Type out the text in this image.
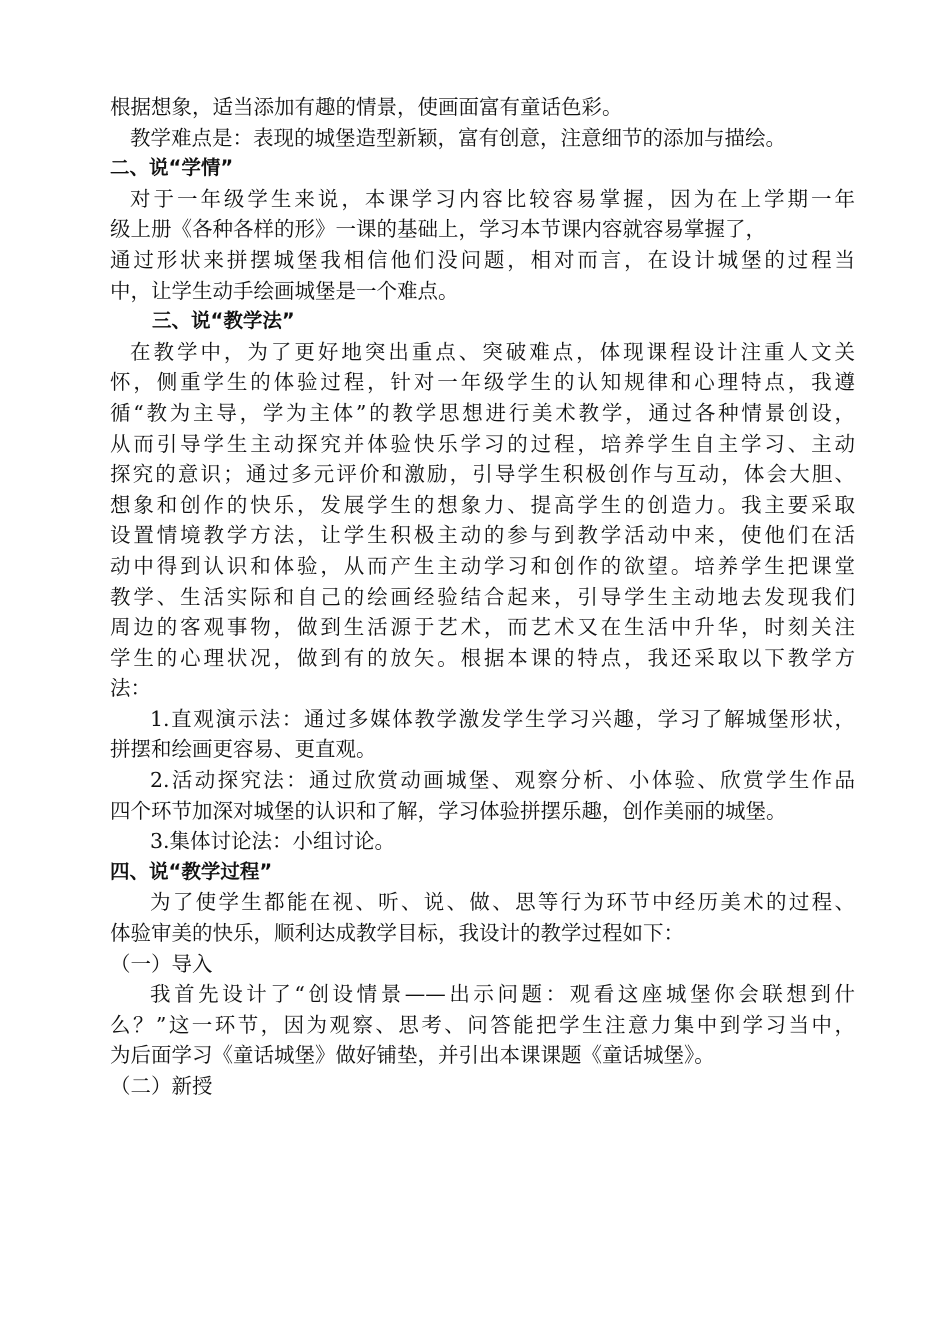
根据想象，适当添加有趣的情景，使画面富有童话色彩。
教学难点是：表现的城堡造型新颖，富有创意，注意细节的添加与描绘。
二、说“学情”
对于一年级学生来说，本课学习内容比较容易掌握，因为在上学期一年
级上册《各种各样的形》一课的基础上，学习本节课内容就容易掌握了，
通过形状来拼摆城堡我相信他们没问题，相对而言，在设计城堡的过程当
中，让学生动手绘画城堡是一个难点。
三、说“教学法”
在教学中，为了更好地突出重点、突破难点，体现课程设计注重人文关
怀，侧重学生的体验过程，针对一年级学生的认知规律和心理特点，我遵
循“教为主导，学为主体”的教学思想进行美术教学，通过各种情景创设，
从而引导学生主动探究并体验快乐学习的过程，培养学生自主学习、主动
探究的意识；通过多元评价和激励，引导学生积极创作与互动，体会大胆、
想象和创作的快乐，发展学生的想象力、提高学生的创造力。我主要采取
设置情境教学方法，让学生积极主动的参与到教学活动中来，使他们在活
动中得到认识和体验，从而产生主动学习和创作的欲望。培养学生把课堂
教学、生活实际和自己的绘画经验结合起来，引导学生主动地去发现我们
周边的客观事物，做到生活源于艺术，而艺术又在生活中升华，时刻关注
学生的心理状况，做到有的放矢。根据本课的特点，我还采取以下教学方
法：
1.直观演示法：通过多媒体教学激发学生学习兴趣，学习了解城堡形状，
拼摆和绘画更容易、更直观。
2.活动探究法：通过欣赏动画城堡、观察分析、小体验、欣赏学生作品
四个环节加深对城堡的认识和了解，学习体验拼摆乐趣，创作美丽的城堡。
3.集体讨论法：小组讨论。
四、说“教学过程”
为了使学生都能在视、听、说、做、思等行为环节中经历美术的过程、
体验审美的快乐，顺利达成教学目标，我设计的教学过程如下：
（一）导入
我首先设计了“创设情景——出示问题：观看这座城堡你会联想到什
么？”这一环节，因为观察、思考、问答能把学生注意力集中到学习当中，
为后面学习《童话城堡》做好铺垫，并引出本课课题《童话城堡》。
（二）新授
